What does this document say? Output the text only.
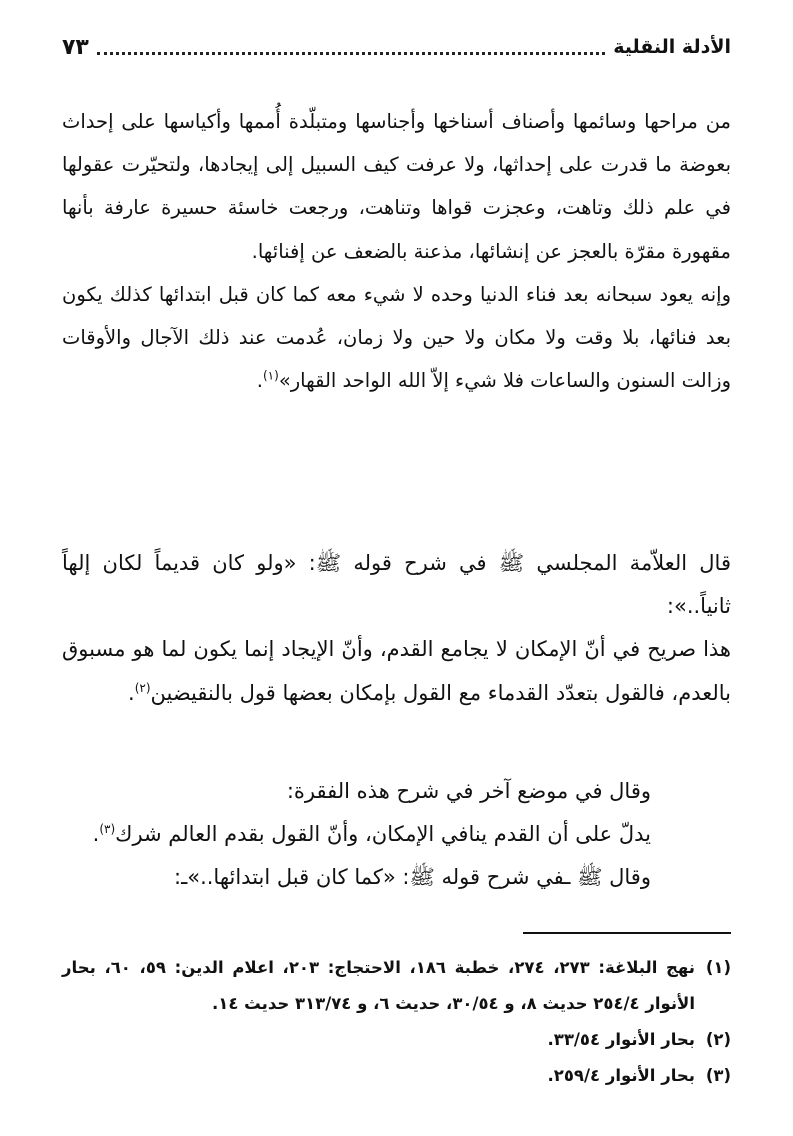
الأدلة النقلية
٧٣

من مراحها وسائمها وأصناف أسناخها وأجناسها ومتبلّدة أُممها وأكياسها على إحداث بعوضة ما قدرت على إحداثها، ولا عرفت كيف السبيل إلى إيجادها، ولتحيّرت عقولها في علم ذلك وتاهت، وعجزت قواها وتناهت، ورجعت خاسئة حسيرة عارفة بأنها مقهورة مقرّة بالعجز عن إنشائها، مذعنة بالضعف عن إفنائها.

وإنه يعود سبحانه بعد فناء الدنيا وحده لا شيء معه كما كان قبل ابتدائها كذلك يكون بعد فنائها، بلا وقت ولا مكان ولا حين ولا زمان، عُدمت عند ذلك الآجال والأوقات وزالت السنون والساعات فلا شيء إلاّ الله الواحد القهار»$^{(١)}$.

قال العلاّمة المجلسي ﷺ في شرح قوله ﷺ: «ولو كان قديماً لكان إلهاً ثانياً..»:

هذا صريح في أنّ الإمكان لا يجامع القدم، وأنّ الإيجاد إنما يكون لما هو مسبوق بالعدم، فالقول بتعدّد القدماء مع القول بإمكان بعضها قول بالنقيضين$^{(٢)}$.

وقال في موضع آخر في شرح هذه الفقرة:

يدلّ على أن القدم ينافي الإمكان، وأنّ القول بقدم العالم شرك$^{(٣)}$.

وقال ﷺ ـفي شرح قوله ﷺ: «كما كان قبل ابتدائها..»ـ:

(١)
نهج البلاغة: ٢٧٣، ٢٧٤، خطبة ١٨٦، الاحتجاج: ٢٠٣، اعلام الدين: ٥٩، ٦٠، بحار الأنوار ٢٥٤/٤ حديث ٨، و ٣٠/٥٤، حديث ٦، و ٣١٣/٧٤ حديث ١٤.
(٢)
بحار الأنوار ٣٣/٥٤.
(٣)
بحار الأنوار ٢٥٩/٤.
